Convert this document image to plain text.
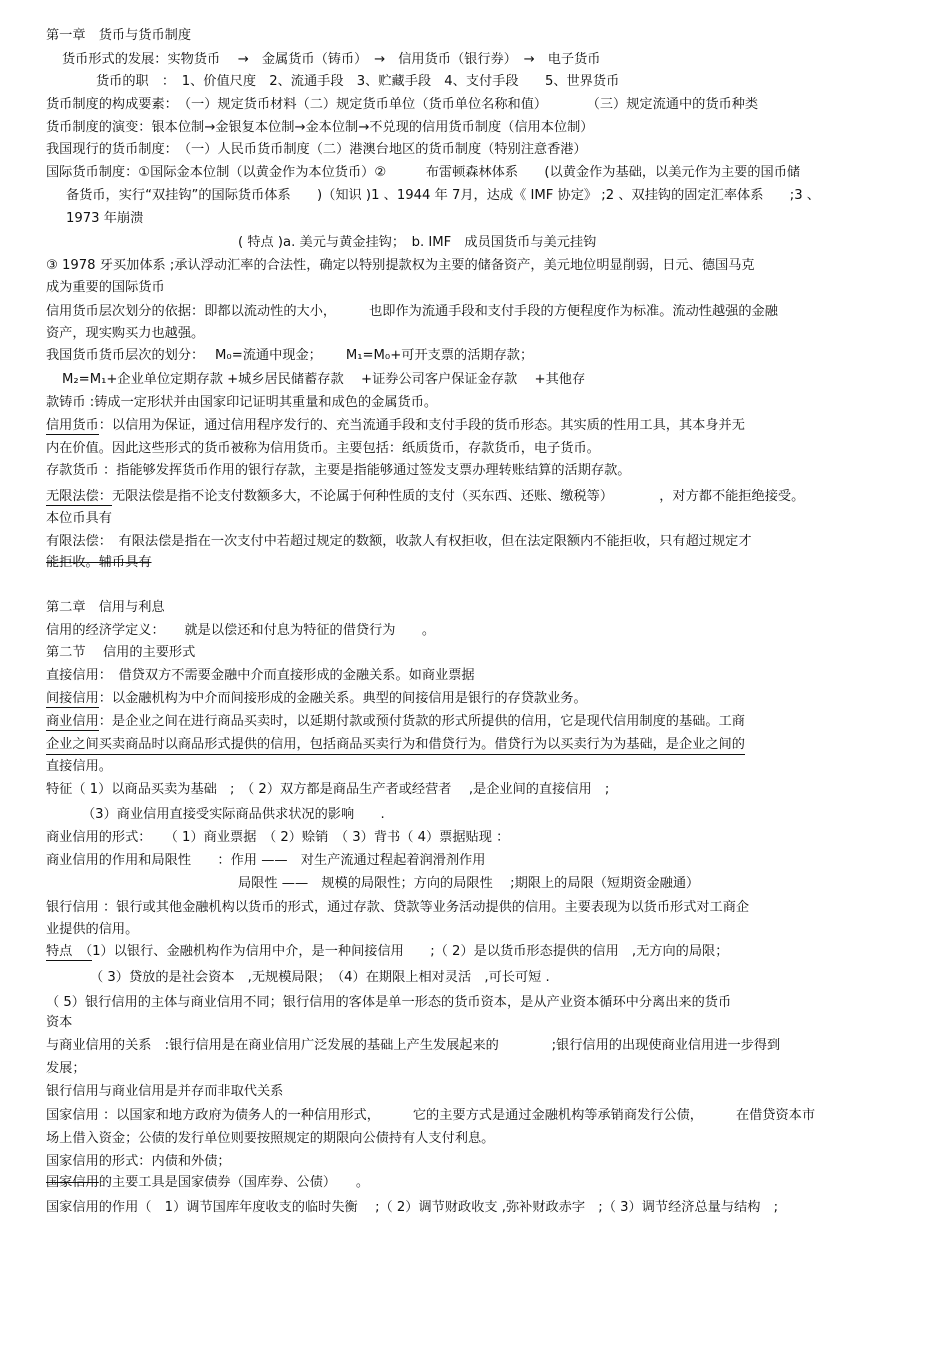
第一章　货币与货币制度
货币形式的发展：实物货币　 →　金属货币（铸币）　→　信用货币（银行券）　→　电子货币
货币的职　：　1、价值尺度　2、流通手段　3、贮藏手段　4、支付手段　　5、世界货币
货币制度的构成要素：　（一）规定货币材料（二）规定货币单位（货币单位名称和值）　　　　（三）规定流通中的货币种类
货币制度的演变：银本位制→金银复本位制→金本位制→不兑现的信用货币制度（信用本位制）
我国现行的货币制度：　（一）人民币货币制度（二）港澳台地区的货币制度（特别注意香港）
国际货币制度：①国际金本位制（以黄金作为本位货币）②　　　布雷顿森林体系　　(以黄金作为基础，以美元作为主要的国币储
备货币，实行“双挂钩”的国际货币体系　　)（知识 )1 、1944 年 7月，达成《 IMF 协定》 ;2 、双挂钩的固定汇率体系　　;3 、
1973 年崩溃
( 特点 )a. 美元与黄金挂钩；　b. IMF　成员国货币与美元挂钩
③ 1978 牙买加体系 ;承认浮动汇率的合法性，确定以特别提款权为主要的储备资产，美元地位明显削弱，日元、德国马克
成为重要的国际货币
信用货币层次划分的依据：即都以流动性的大小，　　　也即作为流通手段和支付手段的方便程度作为标准。流动性越强的金融
资产，现实购买力也越强。
我国货币货币层次的划分：　 M₀=流通中现金；　　 M₁=M₀+可开支票的活期存款；
M₂=M₁+企业单位定期存款 +城乡居民储蓄存款　 +证券公司客户保证金存款　 +其他存
款铸币 :铸成一定形状并由国家印记证明其重量和成色的金属货币。
信用货币：以信用为保证，通过信用程序发行的、充当流通手段和支付手段的货币形态。其实质的性用工具，其本身并无
内在价值。因此这些形式的货币被称为信用货币。主要包括：纸质货币，存款货币，电子货币。
存款货币 ：指能够发挥货币作用的银行存款，主要是指能够通过签发支票办理转账结算的活期存款。
无限法偿：无限法偿是指不论支付数额多大，不论属于何种性质的支付（买东西、还账、缴税等）　　　　，对方都不能拒绝接受。
本位币具有
有限法偿：　有限法偿是指在一次支付中若超过规定的数额，收款人有权拒收，但在法定限额内不能拒收，只有超过规定才
能拒收。辅币具有
第二章　信用与利息
信用的经济学定义：　　就是以偿还和付息为特征的借贷行为　　。
第二节　 信用的主要形式
直接信用：　借贷双方不需要金融中介而直接形成的金融关系。如商业票据
间接信用：以金融机构为中介而间接形成的金融关系。典型的间接信用是银行的存贷款业务。
商业信用：是企业之间在进行商品买卖时，以延期付款或预付货款的形式所提供的信用，它是现代信用制度的基础。工商
企业之间买卖商品时以商品形式提供的信用，包括商品买卖行为和借贷行为。借贷行为以买卖行为为基础，是企业之间的
直接信用。
特征（ 1）以商品买卖为基础　;　（ 2）双方都是商品生产者或经营者　 ,是企业间的直接信用　;
（3）商业信用直接受实际商品供求状况的影响　　.
商业信用的形式：　　（ 1）商业票据　（ 2）赊销　（ 3）背书（ 4）票据贴现 ：
商业信用的作用和局限性　　：作用 ——　对生产流通过程起着润滑剂作用
局限性 ——　规模的局限性；方向的局限性　 ;期限上的局限（短期资金融通）
银行信用 ：银行或其他金融机构以货币的形式，通过存款、贷款等业务活动提供的信用。主要表现为以货币形式对工商企
业提供的信用。
特点　（1）以银行、金融机构作为信用中介，是一种间接信用　　;（ 2）是以货币形态提供的信用　,无方向的局限；
（ 3）贷放的是社会资本　,无规模局限；　（4）在期限上相对灵活　,可长可短 .
（ 5）银行信用的主体与商业信用不同；银行信用的客体是单一形态的货币资本，是从产业资本循环中分离出来的货币
资本
与商业信用的关系　:银行信用是在商业信用广泛发展的基础上产生发展起来的　　　　;银行信用的出现使商业信用进一步得到
发展；
银行信用与商业信用是并存而非取代关系
国家信用 ：以国家和地方政府为债务人的一种信用形式，　　　它的主要方式是通过金融机构等承销商发行公债，　　　在借贷资本市
场上借入资金；公债的发行单位则要按照规定的期限向公债持有人支付利息。
国家信用的形式：内债和外债；
国家信用的主要工具是国家债券（国库券、公债）　　。
国家信用的作用（　1）调节国库年度收支的临时失衡　 ;（ 2）调节财政收支 ,弥补财政赤字　;（ 3）调节经济总量与结构　;
